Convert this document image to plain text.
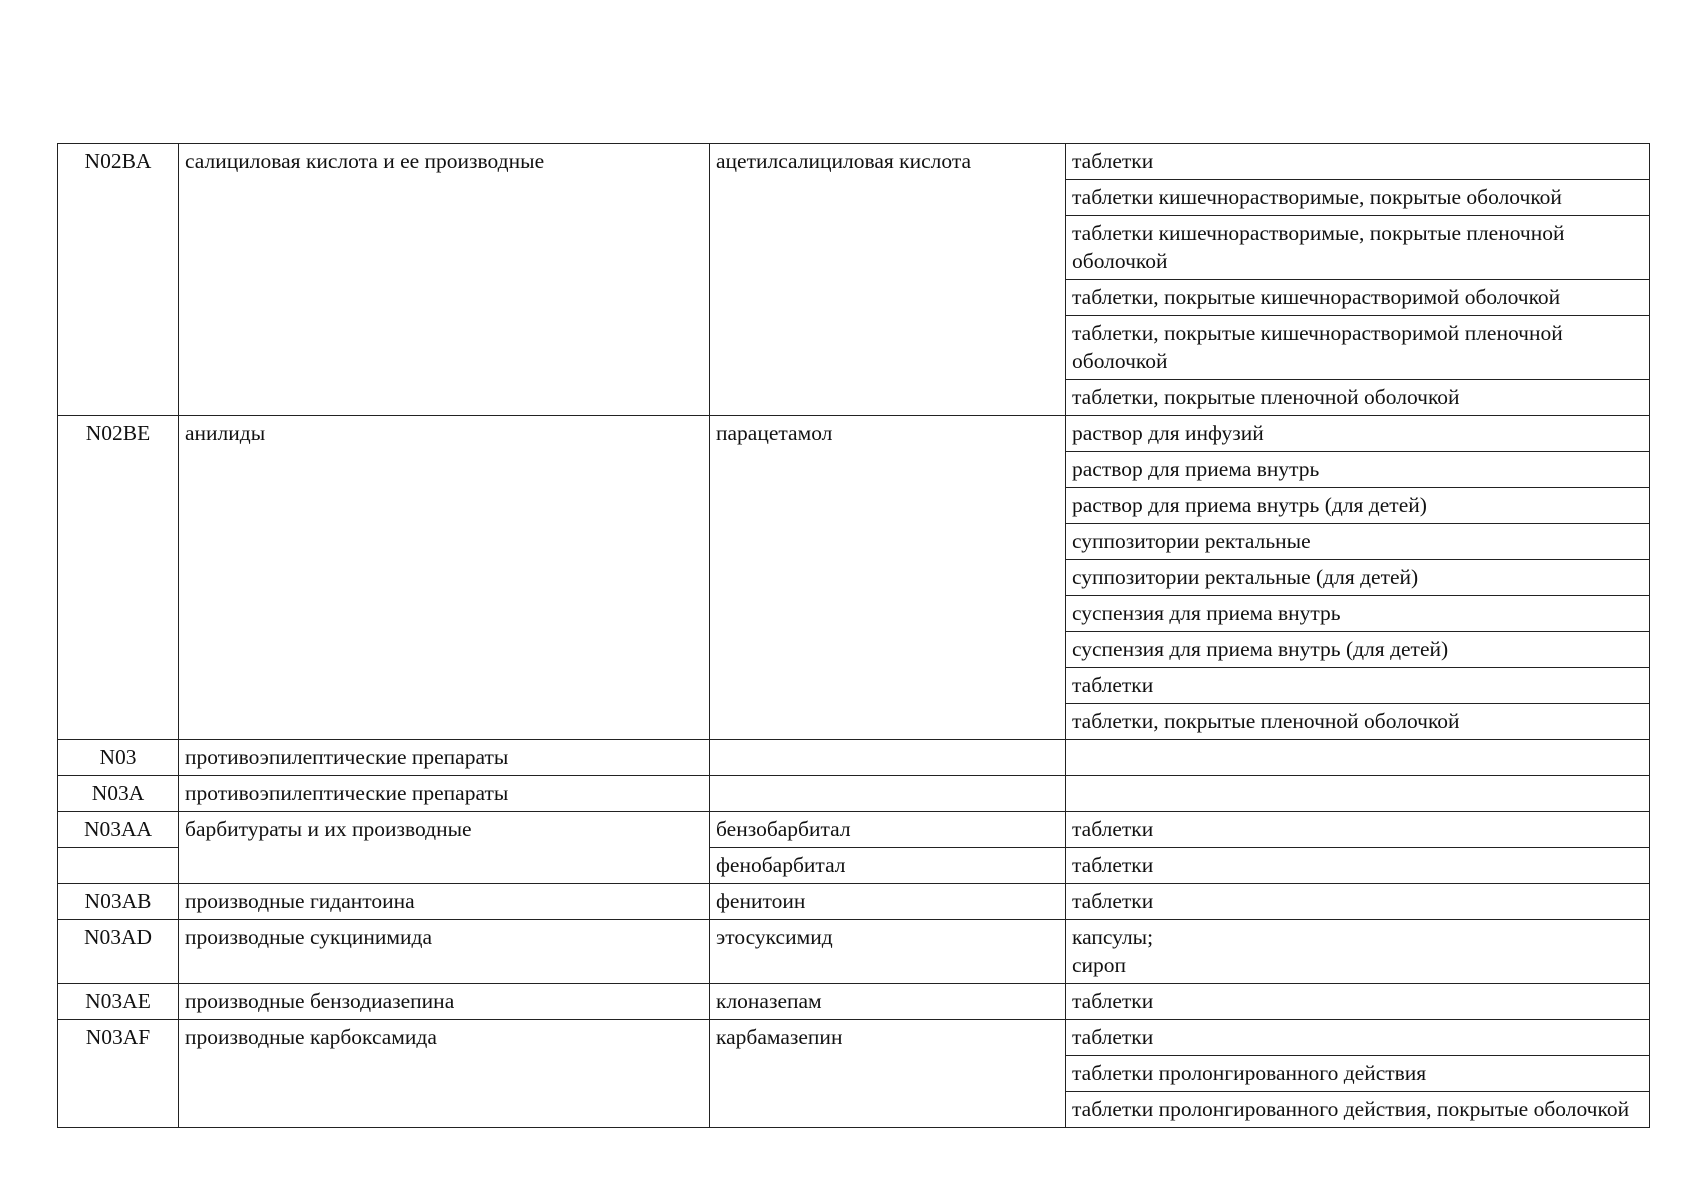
N02BA	салициловая кислота и ее производные	ацетилсалициловая кислота	таблетки
			таблетки кишечнорастворимые, покрытые оболочкой
			таблетки кишечнорастворимые, покрытые пленочной оболочкой
			таблетки, покрытые кишечнорастворимой оболочкой
			таблетки, покрытые кишечнорастворимой пленочной оболочкой
			таблетки, покрытые пленочной оболочкой
N02BE	анилиды	парацетамол	раствор для инфузий
			раствор для приема внутрь
			раствор для приема внутрь (для детей)
			суппозитории ректальные
			суппозитории ректальные (для детей)
			суспензия для приема внутрь
			суспензия для приема внутрь (для детей)
			таблетки
			таблетки, покрытые пленочной оболочкой
N03	противоэпилептические препараты		
N03A	противоэпилептические препараты		
N03AA	барбитураты и их производные	бензобарбитал	таблетки
		фенобарбитал	таблетки
N03AB	производные гидантоина	фенитоин	таблетки
N03AD	производные сукцинимида	этосуксимид	капсулы;
сироп

N03AE	производные бензодиазепина	клоназепам	таблетки
N03AF	производные карбоксамида	карбамазепин	таблетки
			таблетки пролонгированного действия
			таблетки пролонгированного действия, покрытые оболочкой
